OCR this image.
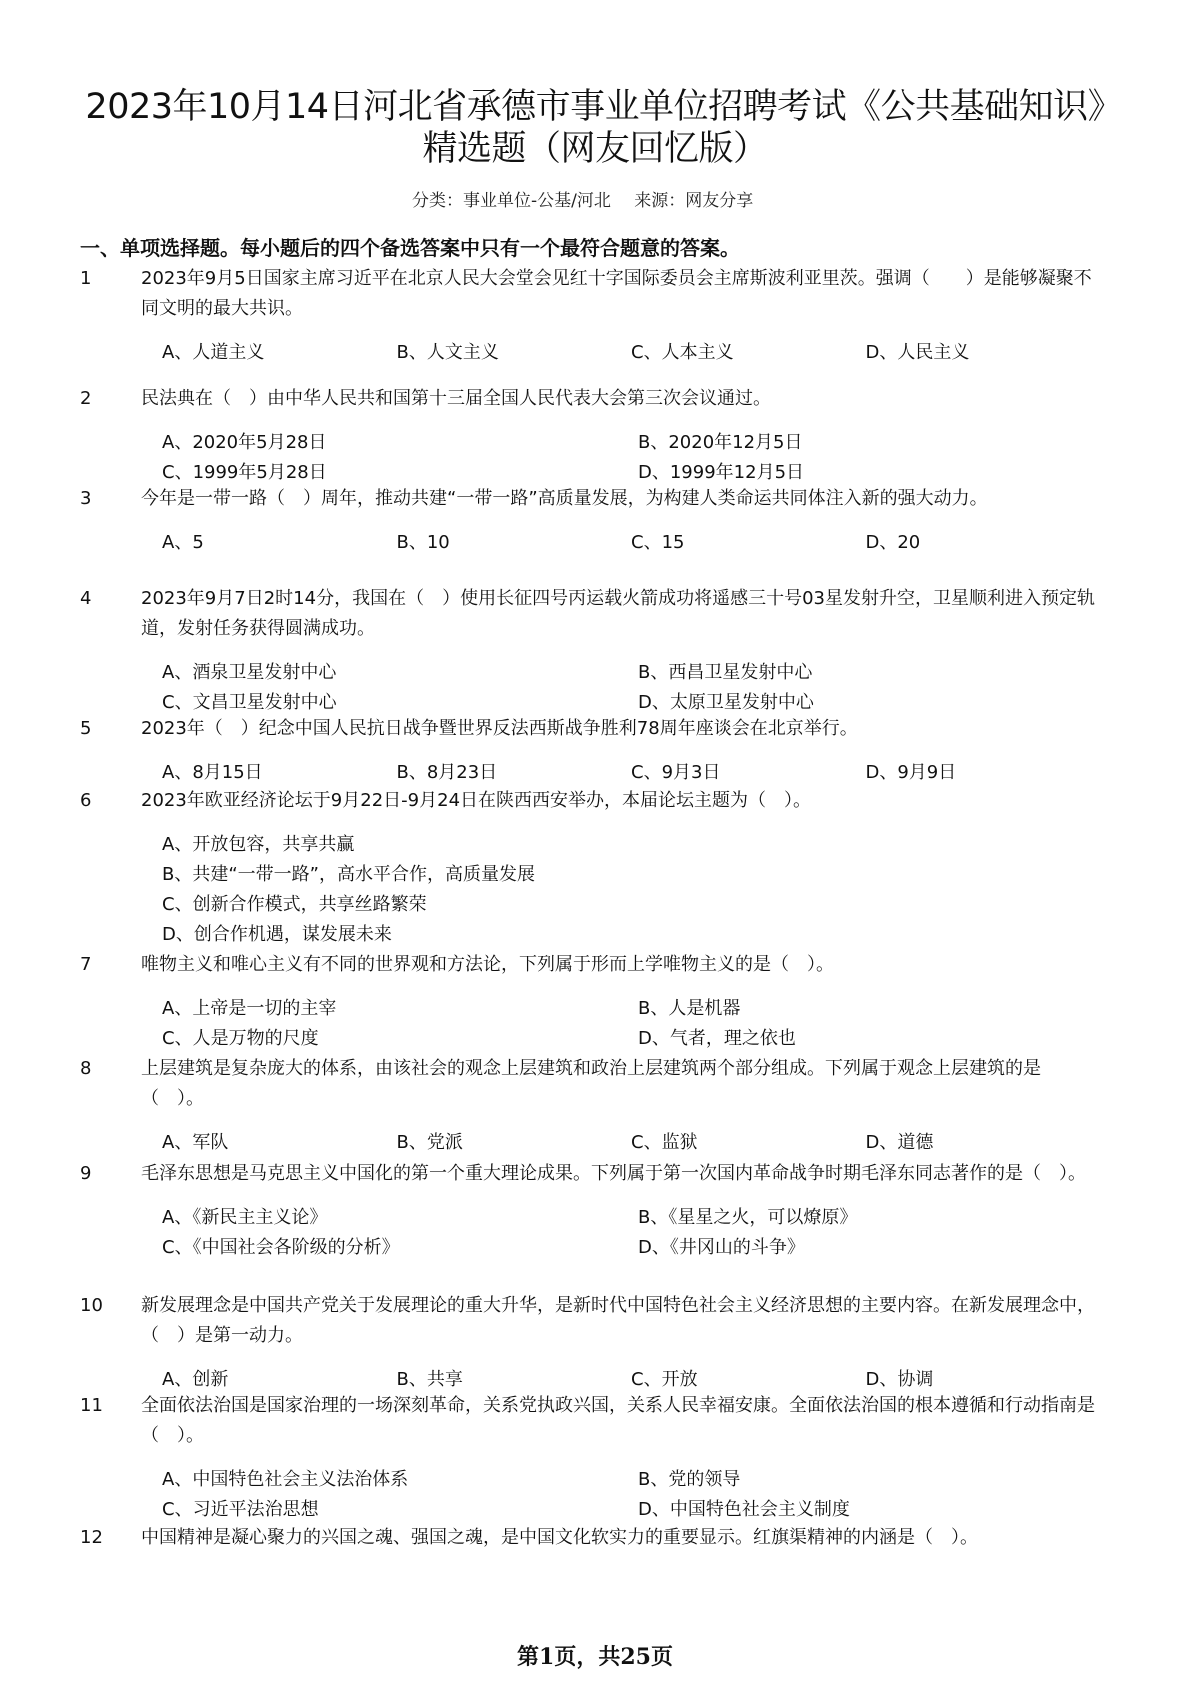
2023年10月14日河北省承德市事业单位招聘考试《公共基础知识》精选题（网友回忆版）
分类：事业单位-公基/河北 来源：网友分享
一、单项选择题。每小题后的四个备选答案中只有一个最符合题意的答案。
1	2023年9月5日国家主席习近平在北京人民大会堂会见红十字国际委员会主席斯波利亚里茨。强调（　　）是能够凝聚不同文明的最大共识。
A、人道主义	B、人文主义	C、人本主义	D、人民主义
2	民法典在（　）由中华人民共和国第十三届全国人民代表大会第三次会议通过。
A、2020年5月28日	B、2020年12月5日
C、1999年5月28日	D、1999年12月5日
3	今年是一带一路（　）周年，推动共建“一带一路”高质量发展，为构建人类命运共同体注入新的强大动力。
A、5	B、10	C、15	D、20
4	2023年9月7日2时14分，我国在（　）使用长征四号丙运载火箭成功将遥感三十号03星发射升空，卫星顺利进入预定轨道，发射任务获得圆满成功。
A、酒泉卫星发射中心	B、西昌卫星发射中心
C、文昌卫星发射中心	D、太原卫星发射中心
5	2023年（　）纪念中国人民抗日战争暨世界反法西斯战争胜利78周年座谈会在北京举行。
A、8月15日	B、8月23日	C、9月3日	D、9月9日
6	2023年欧亚经济论坛于9月22日-9月24日在陕西西安举办，本届论坛主题为（　）。
A、开放包容，共享共赢
B、共建“一带一路”，高水平合作，高质量发展
C、创新合作模式，共享丝路繁荣
D、创合作机遇，谋发展未来
7	唯物主义和唯心主义有不同的世界观和方法论，下列属于形而上学唯物主义的是（　）。
A、上帝是一切的主宰	B、人是机器
C、人是万物的尺度	D、气者，理之依也
8	上层建筑是复杂庞大的体系，由该社会的观念上层建筑和政治上层建筑两个部分组成。下列属于观念上层建筑的是（　）。
A、军队	B、党派	C、监狱	D、道德
9	毛泽东思想是马克思主义中国化的第一个重大理论成果。下列属于第一次国内革命战争时期毛泽东同志著作的是（　）。
A、《新民主主义论》	B、《星星之火，可以燎原》
C、《中国社会各阶级的分析》	D、《井冈山的斗争》
10	新发展理念是中国共产党关于发展理论的重大升华，是新时代中国特色社会主义经济思想的主要内容。在新发展理念中，（　）是第一动力。
A、创新	B、共享	C、开放	D、协调
11	全面依法治国是国家治理的一场深刻革命，关系党执政兴国，关系人民幸福安康。全面依法治国的根本遵循和行动指南是（　）。
A、中国特色社会主义法治体系	B、党的领导
C、习近平法治思想	D、中国特色社会主义制度
12	中国精神是凝心聚力的兴国之魂、强国之魂，是中国文化软实力的重要显示。红旗渠精神的内涵是（　）。
第1页，共25页
